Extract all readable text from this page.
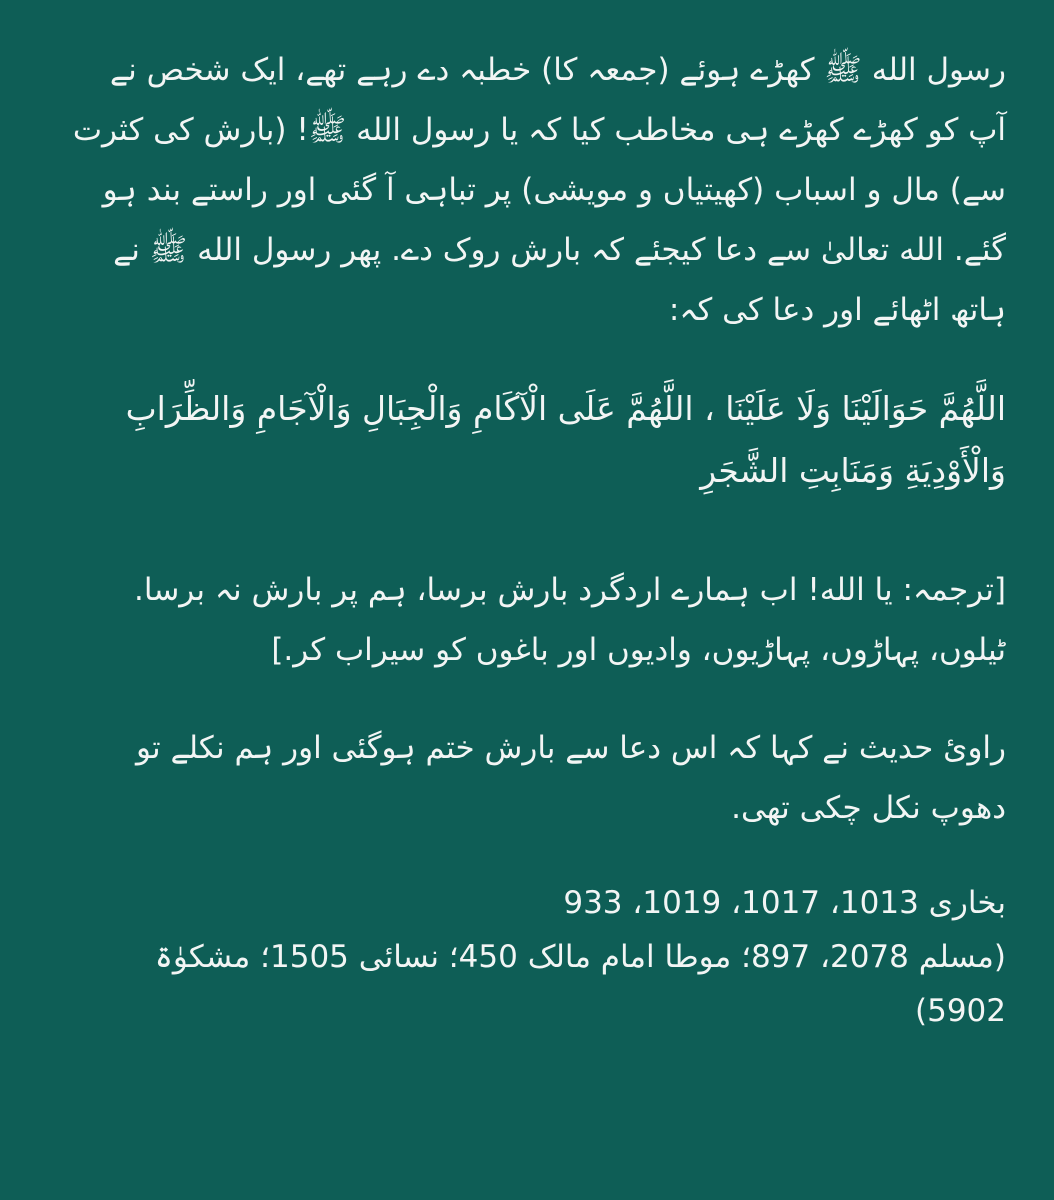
رسول الله ﷺ کھڑے ہوئے (جمعہ کا) خطبہ دے رہے تھے، ایک شخص نے آپ کو کھڑے کھڑے ہی مخاطب کیا کہ یا رسول الله ﷺ! (بارش کی کثرت سے) مال و اسباب (کھیتیاں و مویشی) پر تباہی آ گئی اور راستے بند ہو گئے. الله تعالیٰ سے دعا کیجئے کہ بارش روک دے. پھر رسول الله ﷺ نے ہاتھ اٹھائے اور دعا کی کہ:

اللَّهُمَّ حَوَالَيْنَا وَلَا عَلَيْنَا ، اللَّهُمَّ عَلَى الْآكَامِ وَالْجِبَالِ وَالْآجَامِ وَالظِّرَابِ وَالْأَوْدِيَةِ وَمَنَابِتِ الشَّجَرِ

[ترجمہ: یا الله! اب ہمارے اردگرد بارش برسا، ہم پر بارش نہ برسا. ٹیلوں، پہاڑوں، پہاڑیوں، وادیوں اور باغوں کو سیراب کر.]

راوئ حدیث نے کہا کہ اس دعا سے بارش ختم ہوگئی اور ہم نکلے تو دھوپ نکل چکی تھی.

بخاری 1013، 1017، 1019، 933
(مسلم 2078، 897؛ موطا امام مالک 450؛ نسائی 1505؛ مشکوٰۃ 5902)
